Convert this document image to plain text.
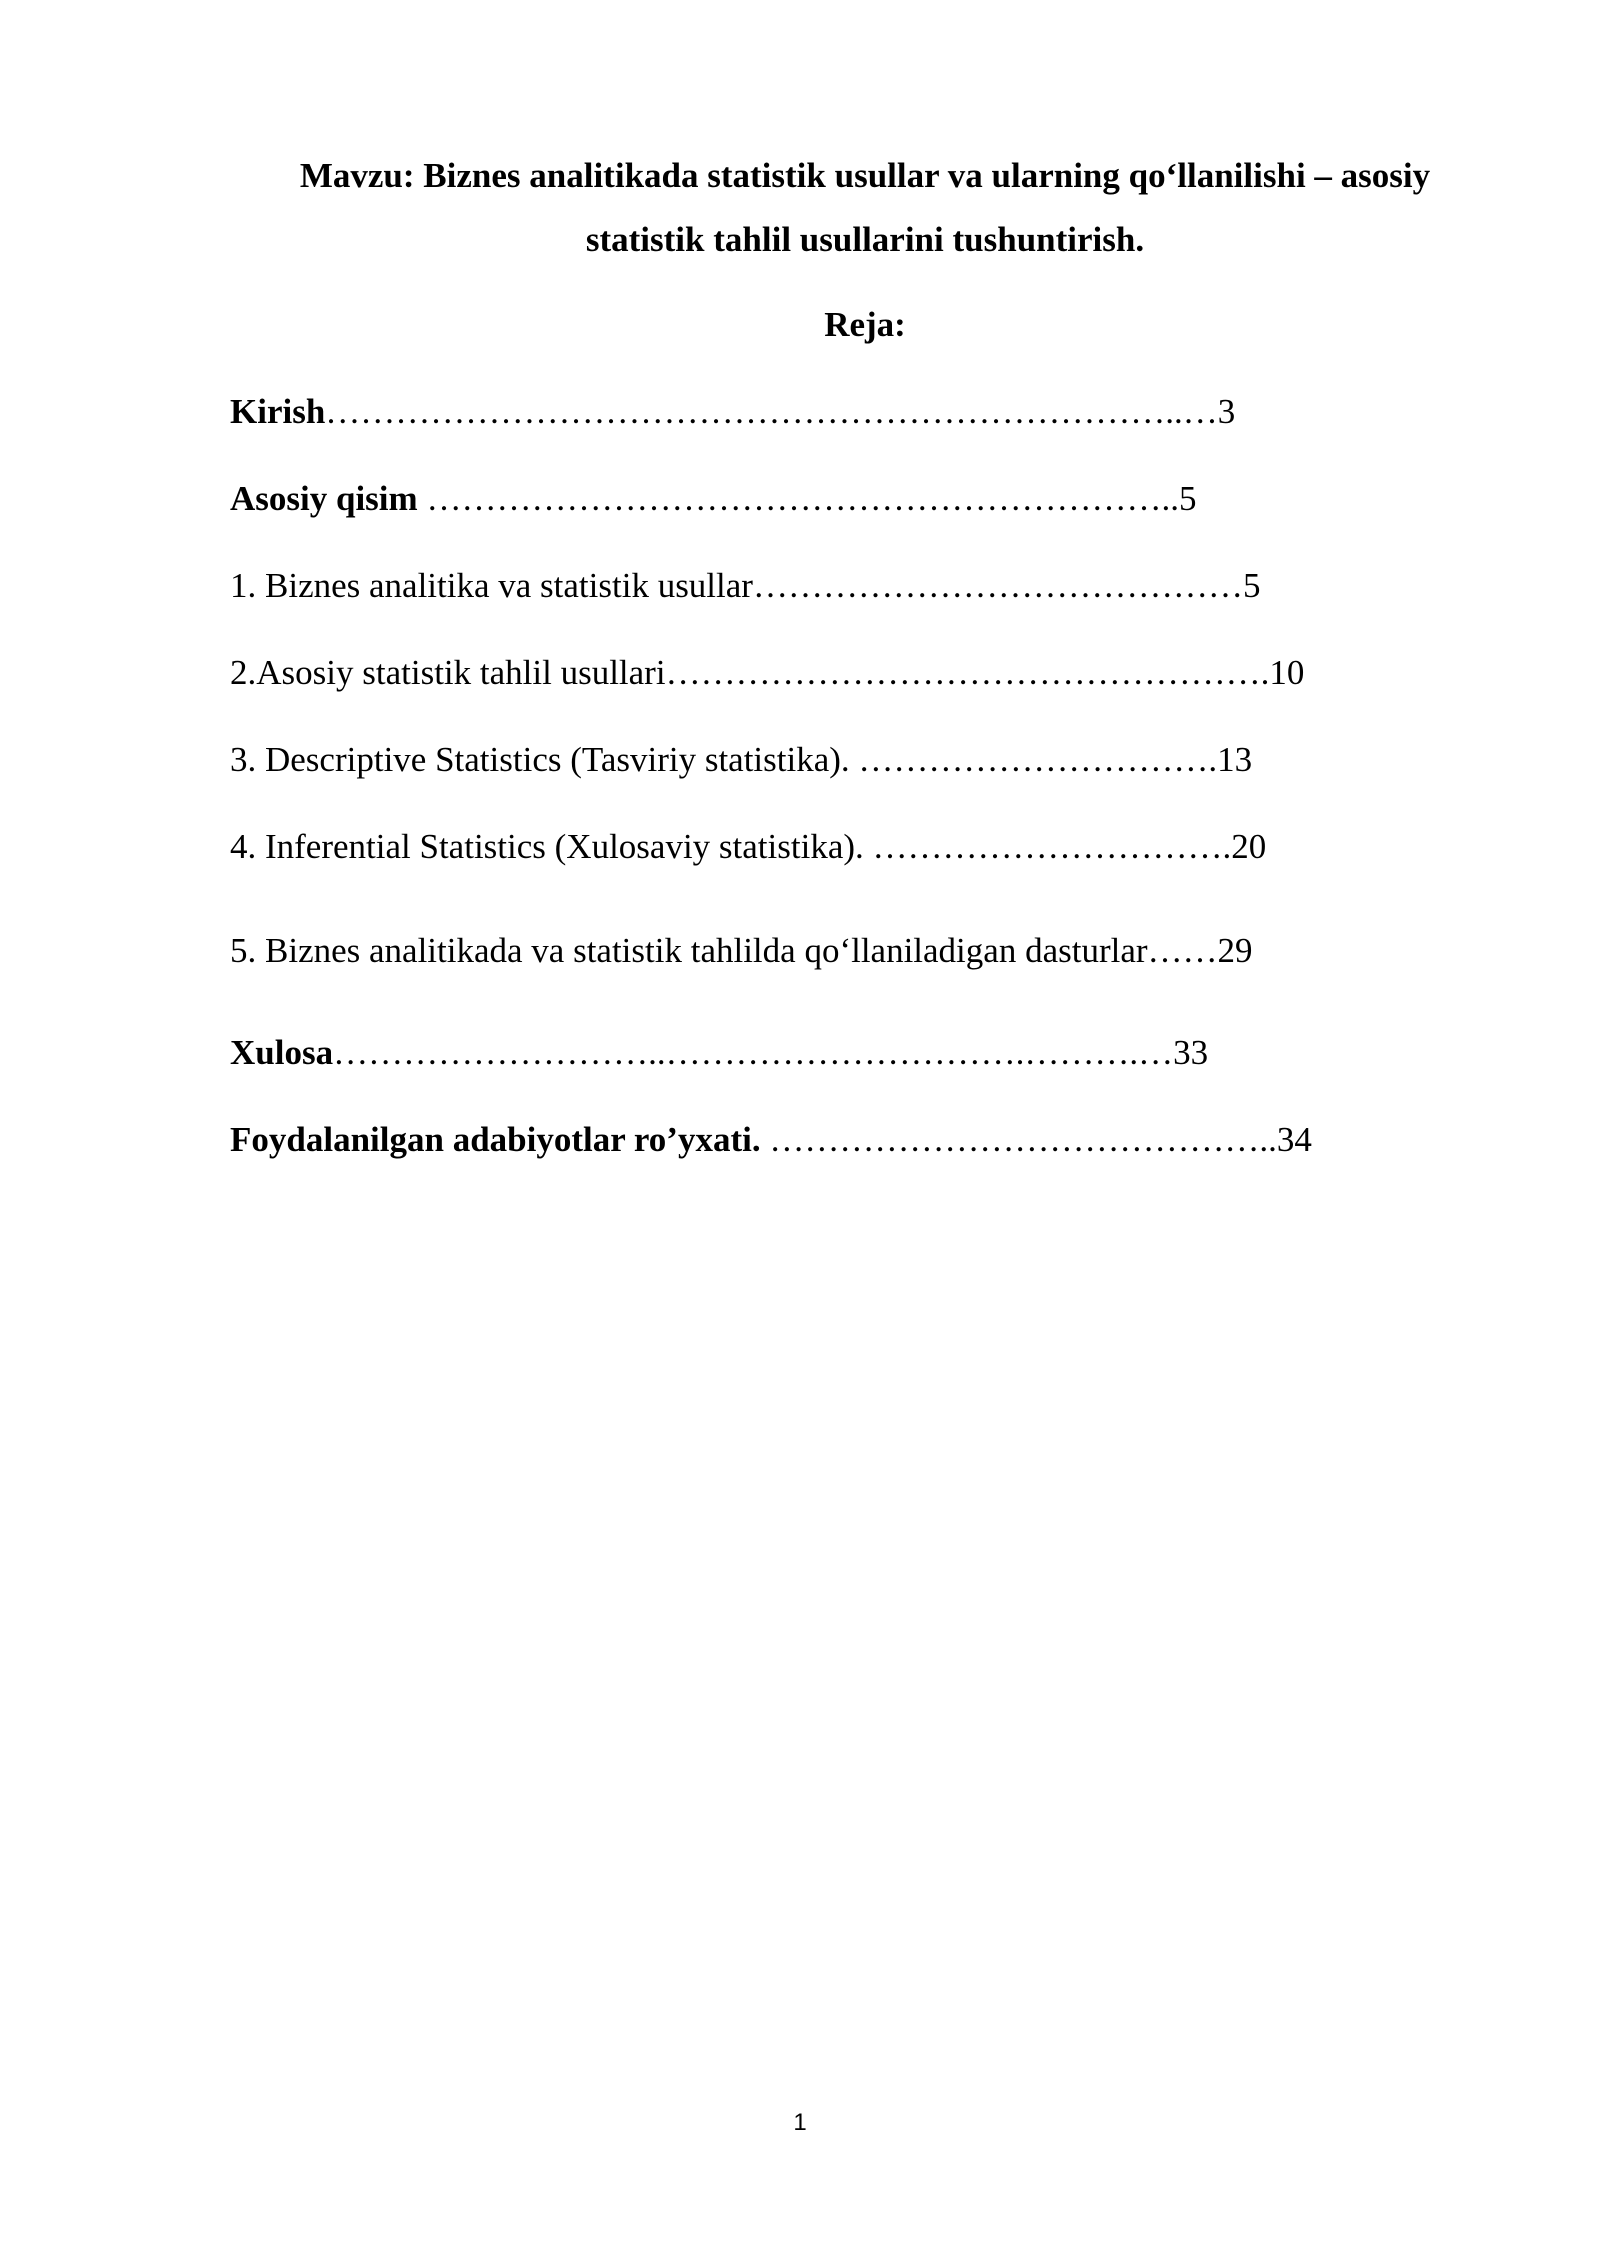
Mavzu: Biznes analitikada statistik usullar va ularning qo‘llanilishi – asosiy
statistik tahlil usullarini tushuntirish.
Reja:
Kirish………………………………………………………………..…3
Asosiy qisim ………………………………………………………..5
1. Biznes analitika va statistik usullar……………………………………5
2.Asosiy statistik tahlil usullari…………………………………………….10
3. Descriptive Statistics (Tasviriy statistika). ………………………….13
4. Inferential Statistics (Xulosaviy statistika). ………………………….20
5. Biznes analitikada va statistik tahlilda qo‘llaniladigan dasturlar……29
Xulosa………………………..………………………….……….…33
Foydalanilgan adabiyotlar ro’yxati. ……………………………………..34
1
